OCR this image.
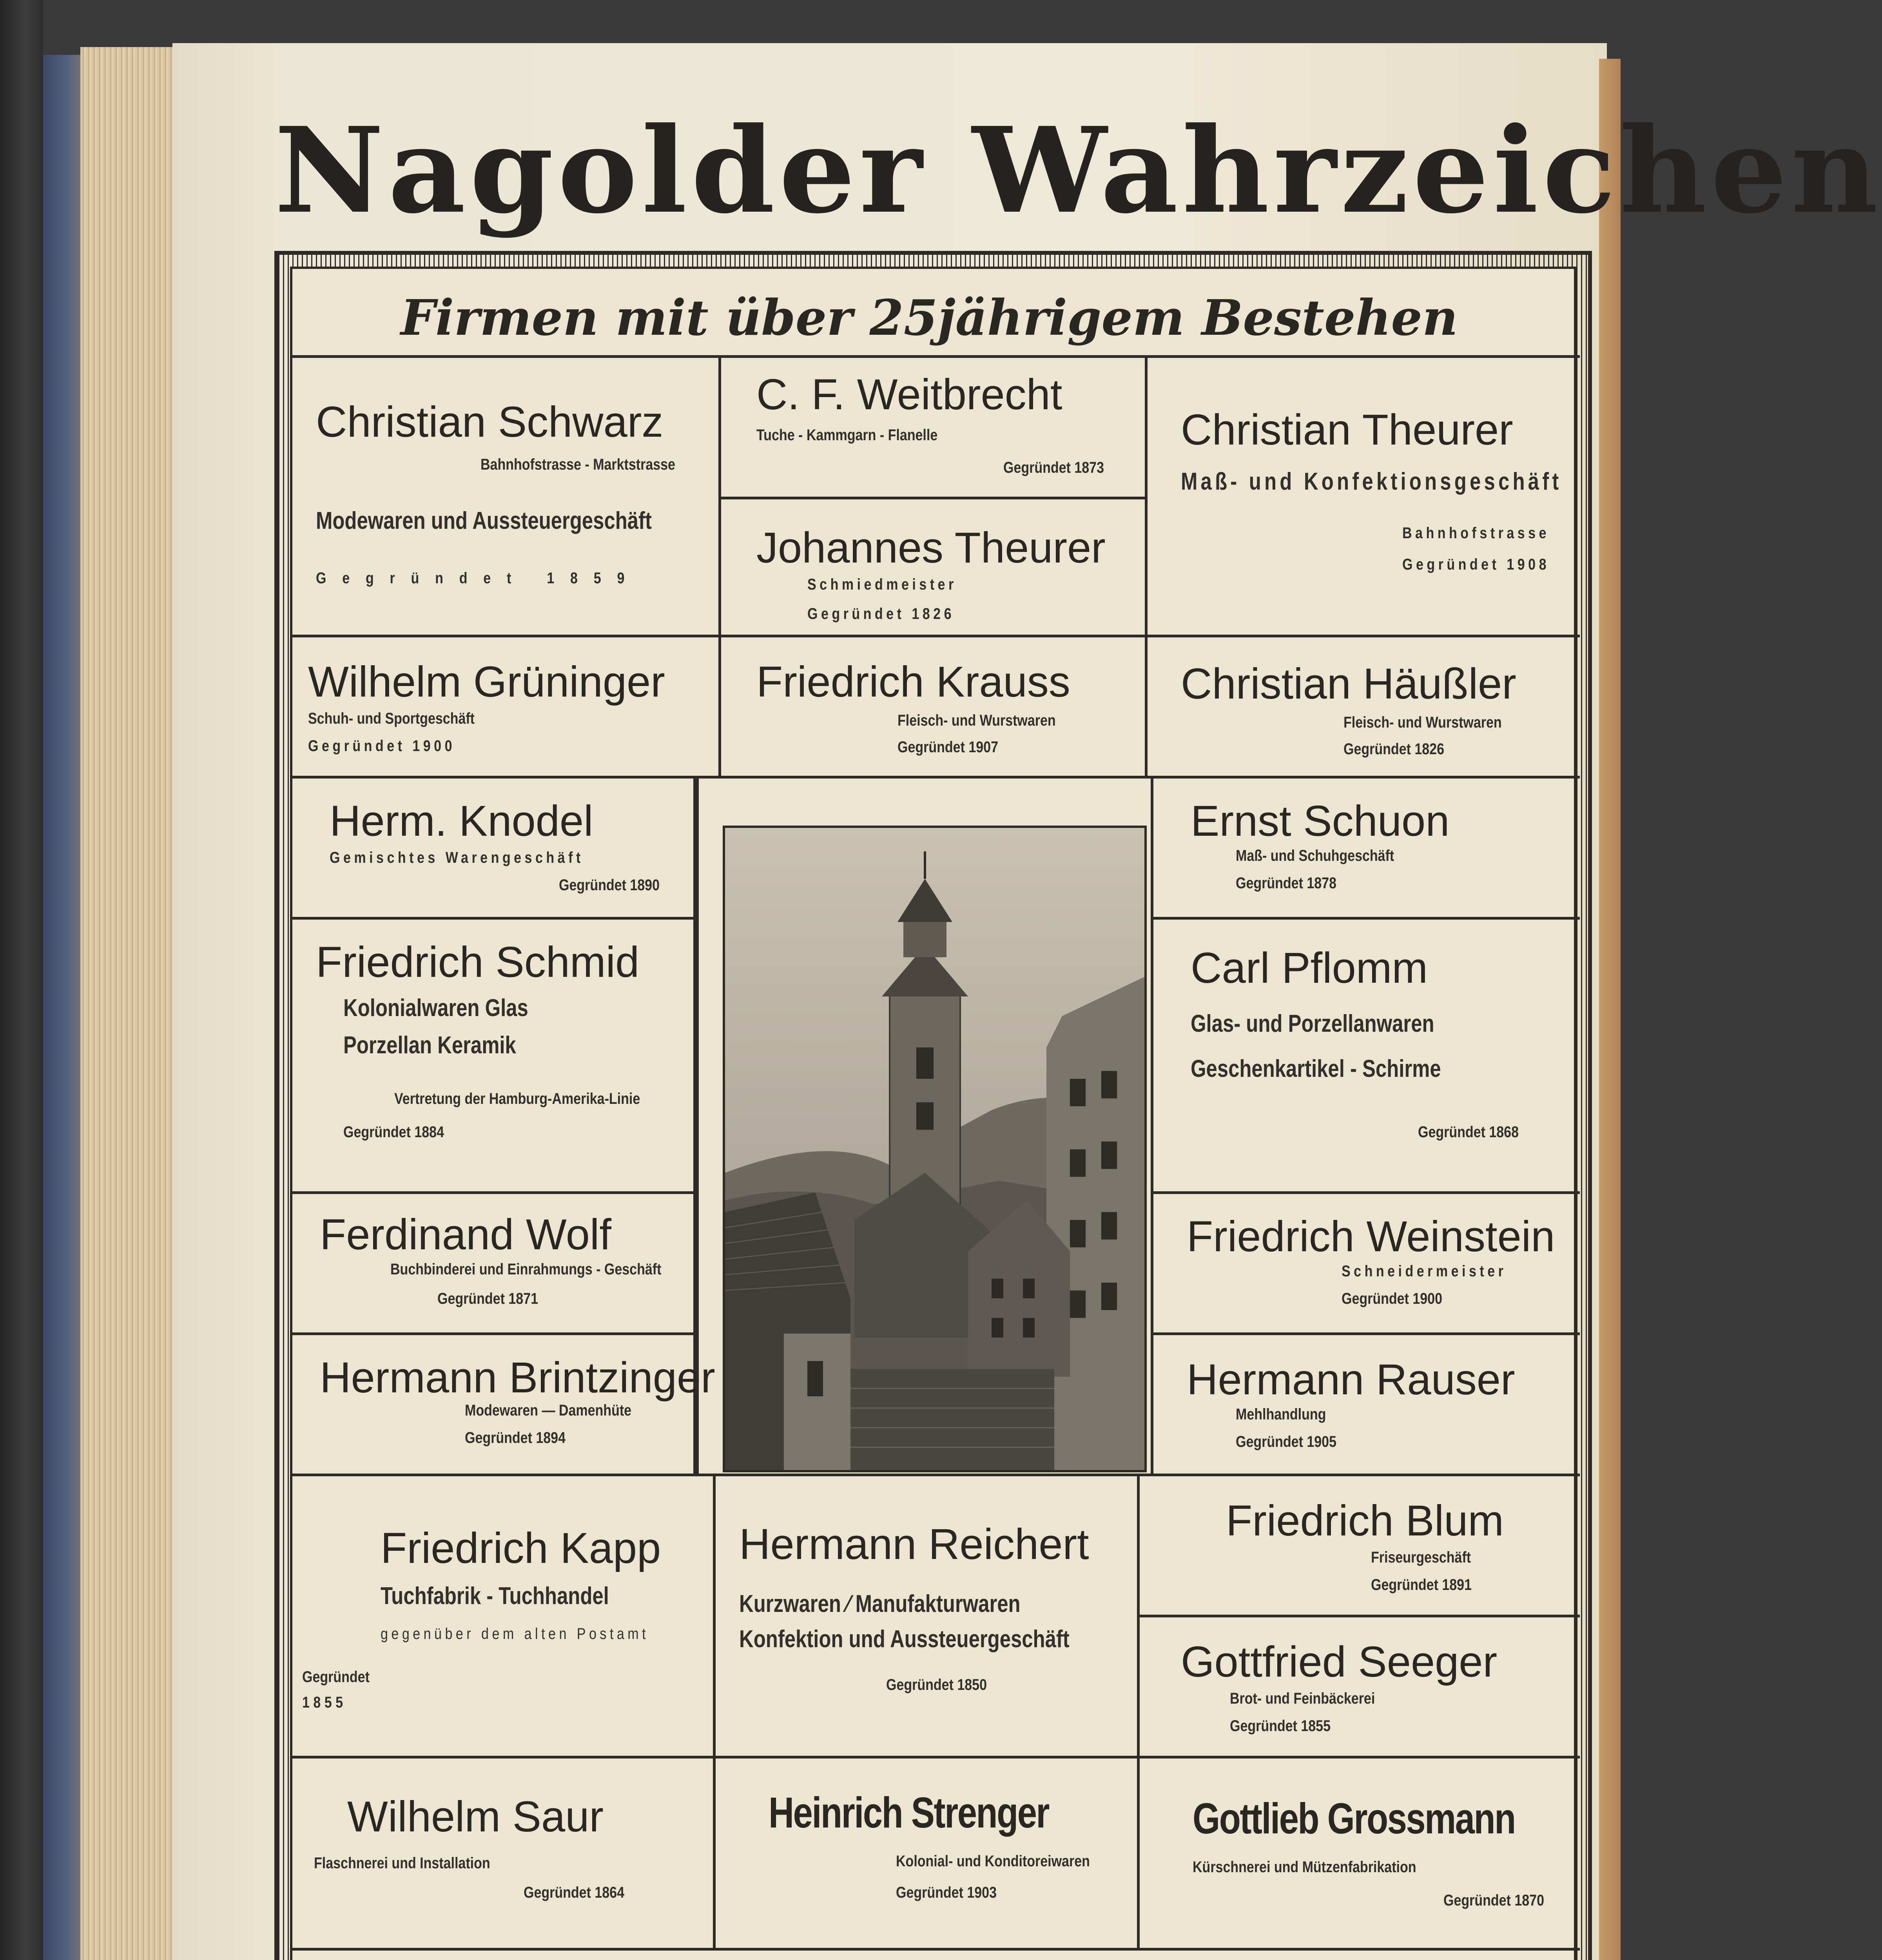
Nagolder Wahrzeichen
Firmen mit über 25jährigem Bestehen
Christian Schwarz
Bahnhofstrasse - Marktstrasse
Modewaren und Aussteuergeschäft
Gegründet 1859
C. F. Weitbrecht
Tuche - Kammgarn - Flanelle
Gegründet 1873
Johannes Theurer
Schmiedmeister
Gegründet 1826
Christian Theurer
Maß- und Konfektionsgeschäft
Bahnhofstrasse
Gegründet 1908
Wilhelm Grüninger
Schuh- und Sportgeschäft
Gegründet 1900
Friedrich Krauss
Fleisch- und Wurstwaren
Gegründet 1907
Christian Häußler
Fleisch- und Wurstwaren
Gegründet 1826
Herm. Knodel
Gemischtes Warengeschäft
Gegründet 1890
Friedrich Schmid
Kolonialwaren Glas
Porzellan Keramik
Vertretung der Hamburg-Amerika-Linie
Gegründet 1884
Ferdinand Wolf
Buchbinderei und Einrahmungs - Geschäft
Gegründet 1871
Hermann Brintzinger
Modewaren — Damenhüte
Gegründet 1894
Ernst Schuon
Maß- und Schuhgeschäft
Gegründet 1878
Carl Pflomm
Glas- und Porzellanwaren
Geschenkartikel - Schirme
Gegründet 1868
Friedrich Weinstein
Schneidermeister
Gegründet 1900
Hermann Rauser
Mehlhandlung
Gegründet 1905
Friedrich Kapp
Tuchfabrik - Tuchhandel
gegenüber dem alten Postamt
Gegründet
1 8 5 5
Hermann Reichert
Kurzwaren ⁄ Manufakturwaren
Konfektion und Aussteuergeschäft
Gegründet 1850
Friedrich Blum
Friseurgeschäft
Gegründet 1891
Gottfried Seeger
Brot- und Feinbäckerei
Gegründet 1855
Wilhelm Saur
Flaschnerei und Installation
Gegründet 1864
Heinrich Strenger
Kolonial- und Konditoreiwaren
Gegründet 1903
Gottlieb Grossmann
Kürschnerei und Mützenfabrikation
Gegründet 1870
